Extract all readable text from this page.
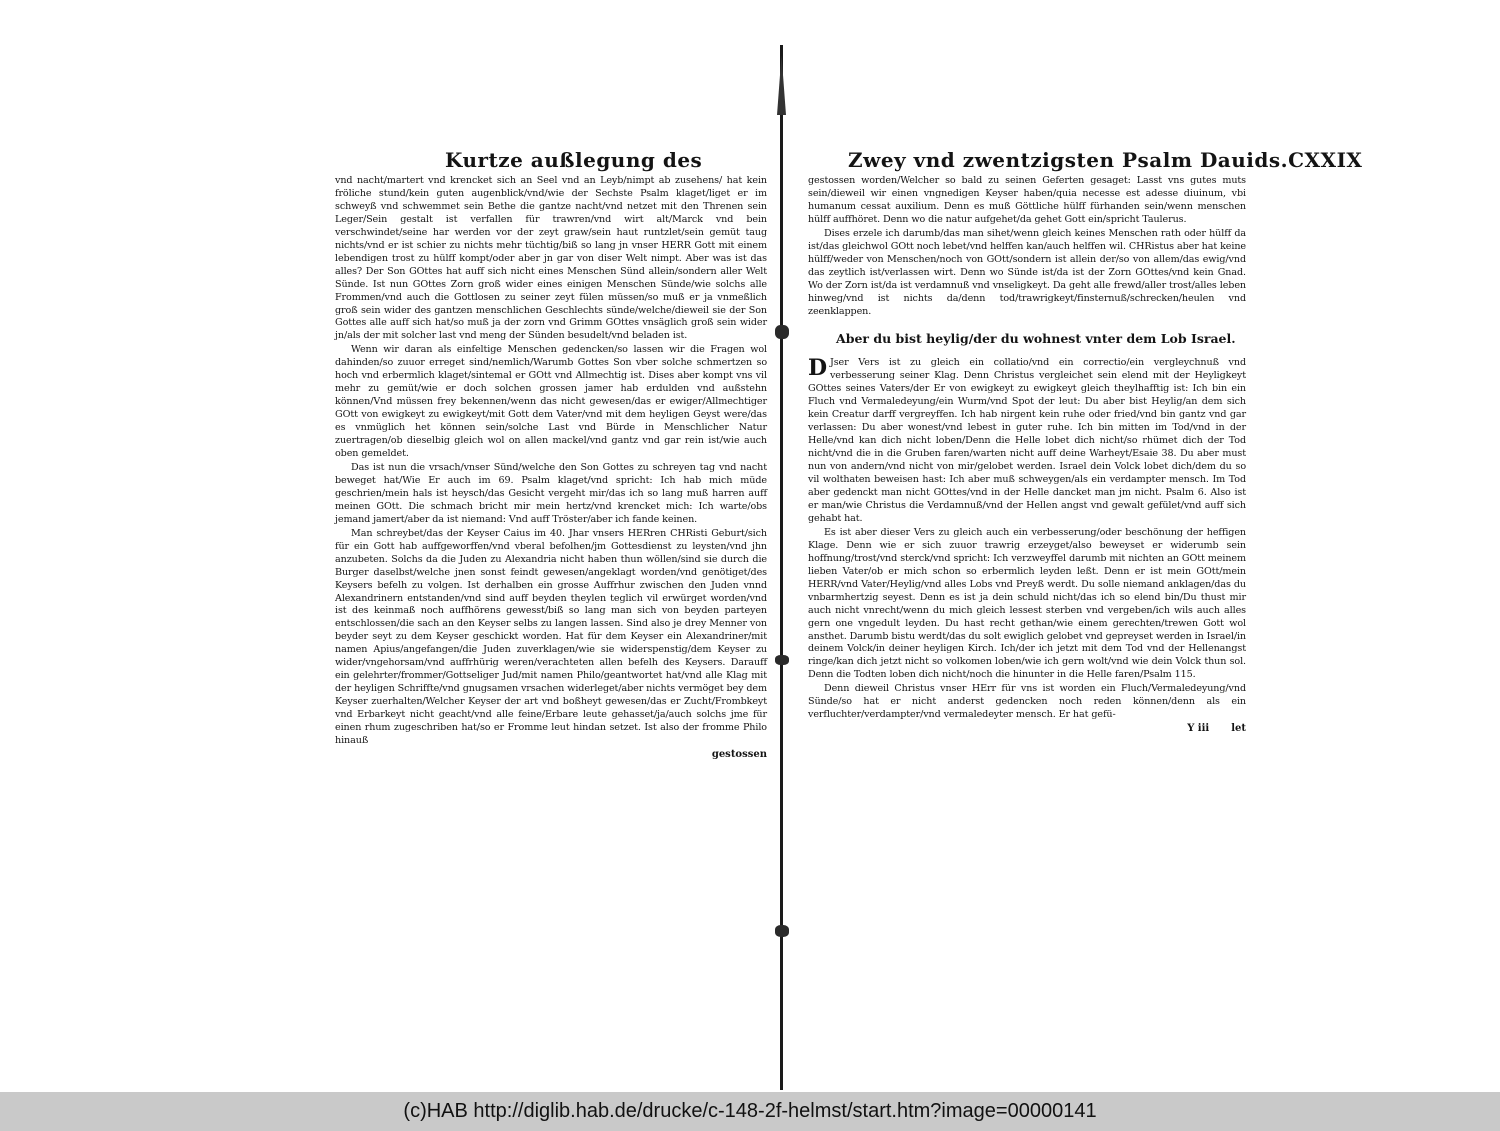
Kurtze außlegung des

vnd nacht/martert vnd krencket sich an Seel vnd an Leyb/nimpt ab zusehens/ hat kein fröliche stund/kein guten augenblick/vnd/wie der Sechste Psalm klaget/liget er im schweyß vnd schwemmet sein Bethe die gantze nacht/vnd netzet mit den Threnen sein Leger/Sein gestalt ist verfallen für trawren/vnd wirt alt/Marck vnd bein verschwindet/seine har werden vor der zeyt graw/sein haut runtzlet/sein gemüt taug nichts/vnd er ist schier zu nichts mehr tüchtig/biß so lang jn vnser HERR Gott mit einem lebendigen trost zu hülff kompt/oder aber jn gar von diser Welt nimpt. Aber was ist das alles? Der Son GOttes hat auff sich nicht eines Menschen Sünd allein/sondern aller Welt Sünde. Ist nun GOttes Zorn groß wider eines einigen Menschen Sünde/wie solchs alle Frommen/vnd auch die Gottlosen zu seiner zeyt fülen müssen/so muß er ja vnmeßlich groß sein wider des gantzen menschlichen Geschlechts sünde/welche/dieweil sie der Son Gottes alle auff sich hat/so muß ja der zorn vnd Grimm GOttes vnsäglich groß sein wider jn/als der mit solcher last vnd meng der Sünden besudelt/vnd beladen ist.

Wenn wir daran als einfeltige Menschen gedencken/so lassen wir die Fragen wol dahinden/so zuuor erreget sind/nemlich/Warumb Gottes Son vber solche schmertzen so hoch vnd erbermlich klaget/sintemal er GOtt vnd Allmechtig ist. Dises aber kompt vns vil mehr zu gemüt/wie er doch solchen grossen jamer hab erdulden vnd außstehn können/Vnd müssen frey bekennen/wenn das nicht gewesen/das er ewiger/Allmechtiger GOtt von ewigkeyt zu ewigkeyt/mit Gott dem Vater/vnd mit dem heyligen Geyst were/das es vnmüglich het können sein/solche Last vnd Bürde in Menschlicher Natur zuertragen/ob dieselbig gleich wol on allen mackel/vnd gantz vnd gar rein ist/wie auch oben gemeldet.

Das ist nun die vrsach/vnser Sünd/welche den Son Gottes zu schreyen tag vnd nacht beweget hat/Wie Er auch im 69. Psalm klaget/vnd spricht: Ich hab mich müde geschrien/mein hals ist heysch/das Gesicht vergeht mir/das ich so lang muß harren auff meinen GOtt. Die schmach bricht mir mein hertz/vnd krencket mich: Ich warte/obs jemand jamert/aber da ist niemand: Vnd auff Tröster/aber ich fande keinen.

Man schreybet/das der Keyser Caius im 40. Jhar vnsers HERren CHRisti Geburt/sich für ein Gott hab auffgeworffen/vnd vberal befolhen/jm Gottesdienst zu leysten/vnd jhn anzubeten. Solchs da die Juden zu Alexandria nicht haben thun wöllen/sind sie durch die Burger daselbst/welche jnen sonst feindt gewesen/angeklagt worden/vnd genötiget/des Keysers befelh zu volgen. Ist derhalben ein grosse Auffrhur zwischen den Juden vnnd Alexandrinern entstanden/vnd sind auff beyden theylen teglich vil erwürget worden/vnd ist des keinmaß noch auffhörens gewesst/biß so lang man sich von beyden parteyen entschlossen/die sach an den Keyser selbs zu langen lassen. Sind also je drey Menner von beyder seyt zu dem Keyser geschickt worden. Hat für dem Keyser ein Alexandriner/mit namen Apius/angefangen/die Juden zuverklagen/wie sie widerspenstig/dem Keyser zu wider/vngehorsam/vnd auffrhürig weren/verachteten allen befelh des Keysers. Darauff ein gelehrter/frommer/Gottseliger Jud/mit namen Philo/geantwortet hat/vnd alle Klag mit der heyligen Schriffte/vnd gnugsamen vrsachen widerleget/aber nichts vermöget bey dem Keyser zuerhalten/Welcher Keyser der art vnd boßheyt gewesen/das er Zucht/Frombkeyt vnd Erbarkeyt nicht geacht/vnd alle feine/Erbare leute gehasset/ja/auch solchs jme für einen rhum zugeschriben hat/so er Fromme leut hindan setzet. Ist also der fromme Philo hinauß

gestossen
Zwey vnd zwentzigsten Psalm Dauids. CXXIX

gestossen worden/Welcher so bald zu seinen Geferten gesaget: Lasst vns gutes muts sein/dieweil wir einen vngnedigen Keyser haben/quia necesse est adesse diuinum, vbi humanum cessat auxilium. Denn es muß Göttliche hülff fürhanden sein/wenn menschen hülff auffhöret. Denn wo die natur aufgehet/da gehet Gott ein/spricht Taulerus.

Dises erzele ich darumb/das man sihet/wenn gleich keines Menschen rath oder hülff da ist/das gleichwol GOtt noch lebet/vnd helffen kan/auch helffen wil. CHRistus aber hat keine hülff/weder von Menschen/noch von GOtt/sondern ist allein der/so von allem/das ewig/vnd das zeytlich ist/verlassen wirt. Denn wo Sünde ist/da ist der Zorn GOttes/vnd kein Gnad. Wo der Zorn ist/da ist verdamnuß vnd vnseligkeyt. Da geht alle frewd/aller trost/alles leben hinweg/vnd ist nichts da/denn tod/trawrigkeyt/finsternuß/schrecken/heulen vnd zeenklappen.

Aber du bist heylig/der du wohnest vnter dem Lob Israel.

D Jser Vers ist zu gleich ein collatio/vnd ein correctio/ein vergleychnuß vnd verbesserung seiner Klag. Denn Christus vergleichet sein elend mit der Heyligkeyt GOttes seines Vaters/der Er von ewigkeyt zu ewigkeyt gleich theylhafftig ist: Ich bin ein Fluch vnd Vermaledeyung/ein Wurm/vnd Spot der leut: Du aber bist Heylig/an dem sich kein Creatur darff vergreyffen. Ich hab nirgent kein ruhe oder fried/vnd bin gantz vnd gar verlassen: Du aber wonest/vnd lebest in guter ruhe. Ich bin mitten im Tod/vnd in der Helle/vnd kan dich nicht loben/Denn die Helle lobet dich nicht/so rhümet dich der Tod nicht/vnd die in die Gruben faren/warten nicht auff deine Warheyt/Esaie 38. Du aber must nun von andern/vnd nicht von mir/gelobet werden. Israel dein Volck lobet dich/dem du so vil wolthaten beweisen hast: Ich aber muß schweygen/als ein verdampter mensch. Im Tod aber gedenckt man nicht GOttes/vnd in der Helle dancket man jm nicht. Psalm 6. Also ist er man/wie Christus die Verdamnuß/vnd der Hellen angst vnd gewalt gefület/vnd auff sich gehabt hat.

Es ist aber dieser Vers zu gleich auch ein verbesserung/oder beschönung der heffigen Klage. Denn wie er sich zuuor trawrig erzeyget/also beweyset er widerumb sein hoffnung/trost/vnd sterck/vnd spricht: Ich verzweyffel darumb mit nichten an GOtt meinem lieben Vater/ob er mich schon so erbermlich leyden leßt. Denn er ist mein GOtt/mein HERR/vnd Vater/Heylig/vnd alles Lobs vnd Preyß werdt. Du solle niemand anklagen/das du vnbarmhertzig seyest. Denn es ist ja dein schuld nicht/das ich so elend bin/Du thust mir auch nicht vnrecht/wenn du mich gleich lessest sterben vnd vergeben/ich wils auch alles gern one vngedult leyden. Du hast recht gethan/wie einem gerechten/trewen Gott wol ansthet. Darumb bistu werdt/das du solt ewiglich gelobet vnd gepreyset werden in Israel/in deinem Volck/in deiner heyligen Kirch. Ich/der ich jetzt mit dem Tod vnd der Hellenangst ringe/kan dich jetzt nicht so volkomen loben/wie ich gern wolt/vnd wie dein Volck thun sol. Denn die Todten loben dich nicht/noch die hinunter in die Helle faren/Psalm 115.

Denn dieweil Christus vnser HErr für vns ist worden ein Fluch/Vermaledeyung/vnd Sünde/so hat er nicht anderst gedencken noch reden können/denn als ein verfluchter/verdampter/vnd vermaledeyter mensch. Er hat gefü-

Y iii let
(c)HAB http://diglib.hab.de/drucke/c-148-2f-helmst/start.htm?image=00000141
